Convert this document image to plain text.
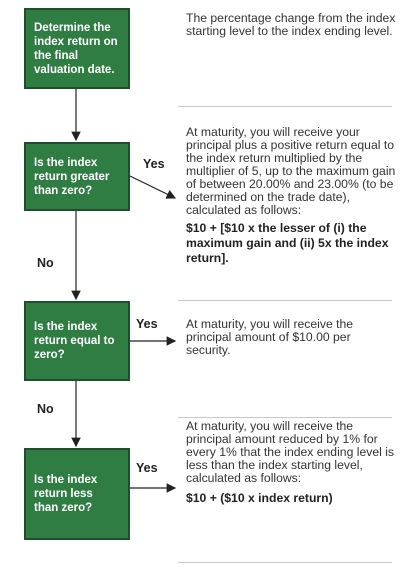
Determine the index return on the final valuation date.
The percentage change from the index starting level to the index ending level.
Is the index return greater than zero?
Yes
At maturity, you will receive your principal plus a positive return equal to the index return multiplied by the multiplier of 5, up to the maximum gain of between 20.00% and 23.00% (to be determined on the trade date), calculated as follows:
$10 + [$10 x the lesser of (i) the maximum gain and (ii) 5x the index return].
No
Is the index return equal to zero?
Yes At maturity, you will receive the principal amount of $10.00 per security.
No
Is the index return less than zero?
Yes
At maturity, you will receive the principal amount reduced by 1% for every 1% that the index ending level is less than the index starting level, calculated as follows:
$10 + ($10 x index return)
